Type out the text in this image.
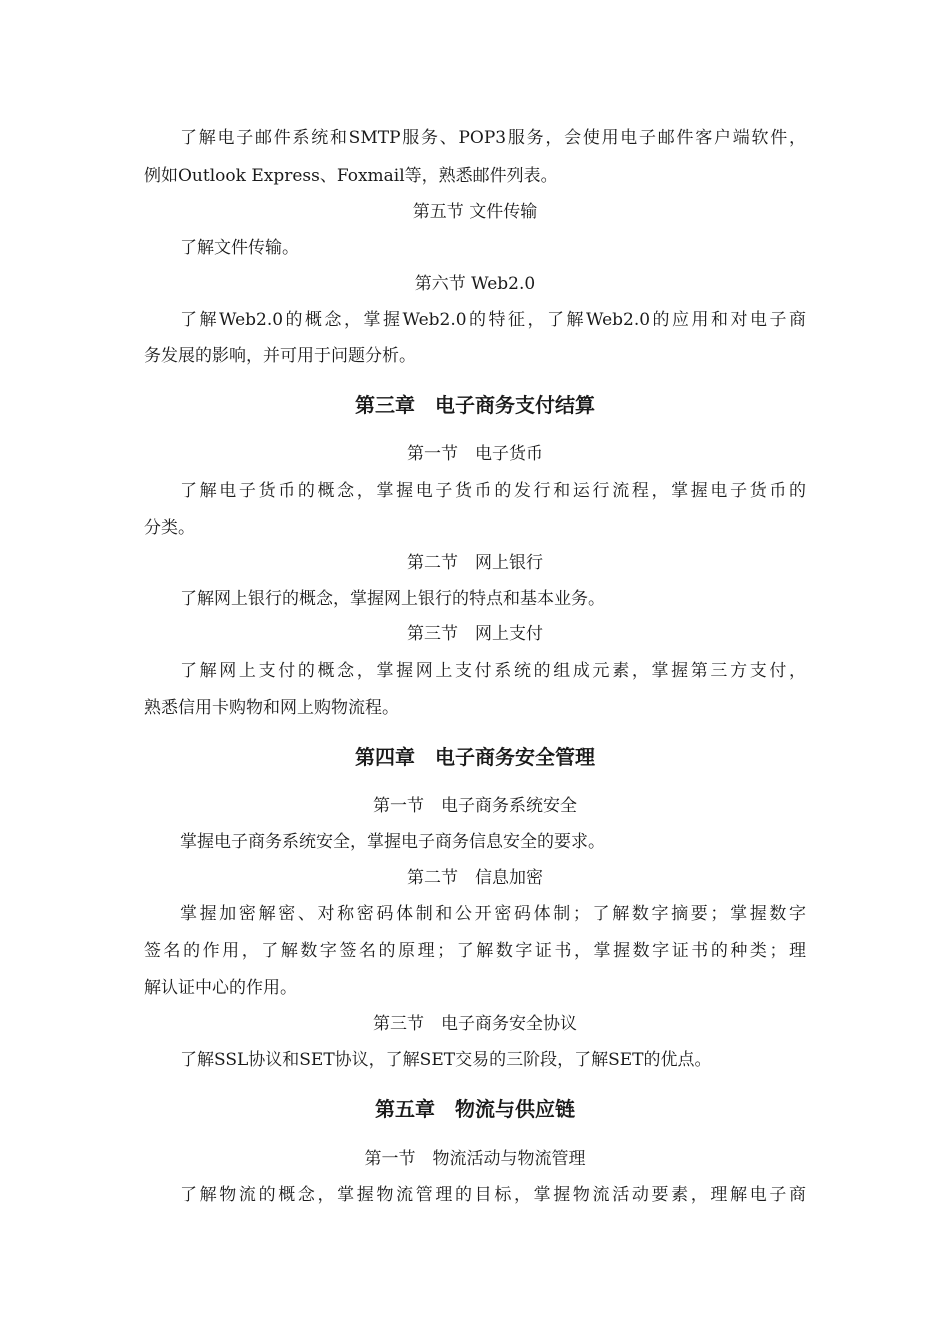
了解电子邮件系统和SMTP服务、POP3服务，会使用电子邮件客户端软件，
例如Outlook Express、Foxmail等，熟悉邮件列表。
第五节 文件传输
了解文件传输。
第六节 Web2.0
了解Web2.0的概念，掌握Web2.0的特征，了解Web2.0的应用和对电子商
务发展的影响，并可用于问题分析。
第三章　电子商务支付结算
第一节　电子货币
了解电子货币的概念，掌握电子货币的发行和运行流程，掌握电子货币的
分类。
第二节　网上银行
了解网上银行的概念，掌握网上银行的特点和基本业务。
第三节　网上支付
了解网上支付的概念，掌握网上支付系统的组成元素，掌握第三方支付，
熟悉信用卡购物和网上购物流程。
第四章　电子商务安全管理
第一节　电子商务系统安全
掌握电子商务系统安全，掌握电子商务信息安全的要求。
第二节　信息加密
掌握加密解密、对称密码体制和公开密码体制；了解数字摘要；掌握数字
签名的作用，了解数字签名的原理；了解数字证书，掌握数字证书的种类；理
解认证中心的作用。
第三节　电子商务安全协议
了解SSL协议和SET协议，了解SET交易的三阶段，了解SET的优点。
第五章　物流与供应链
第一节　物流活动与物流管理
了解物流的概念，掌握物流管理的目标，掌握物流活动要素，理解电子商
